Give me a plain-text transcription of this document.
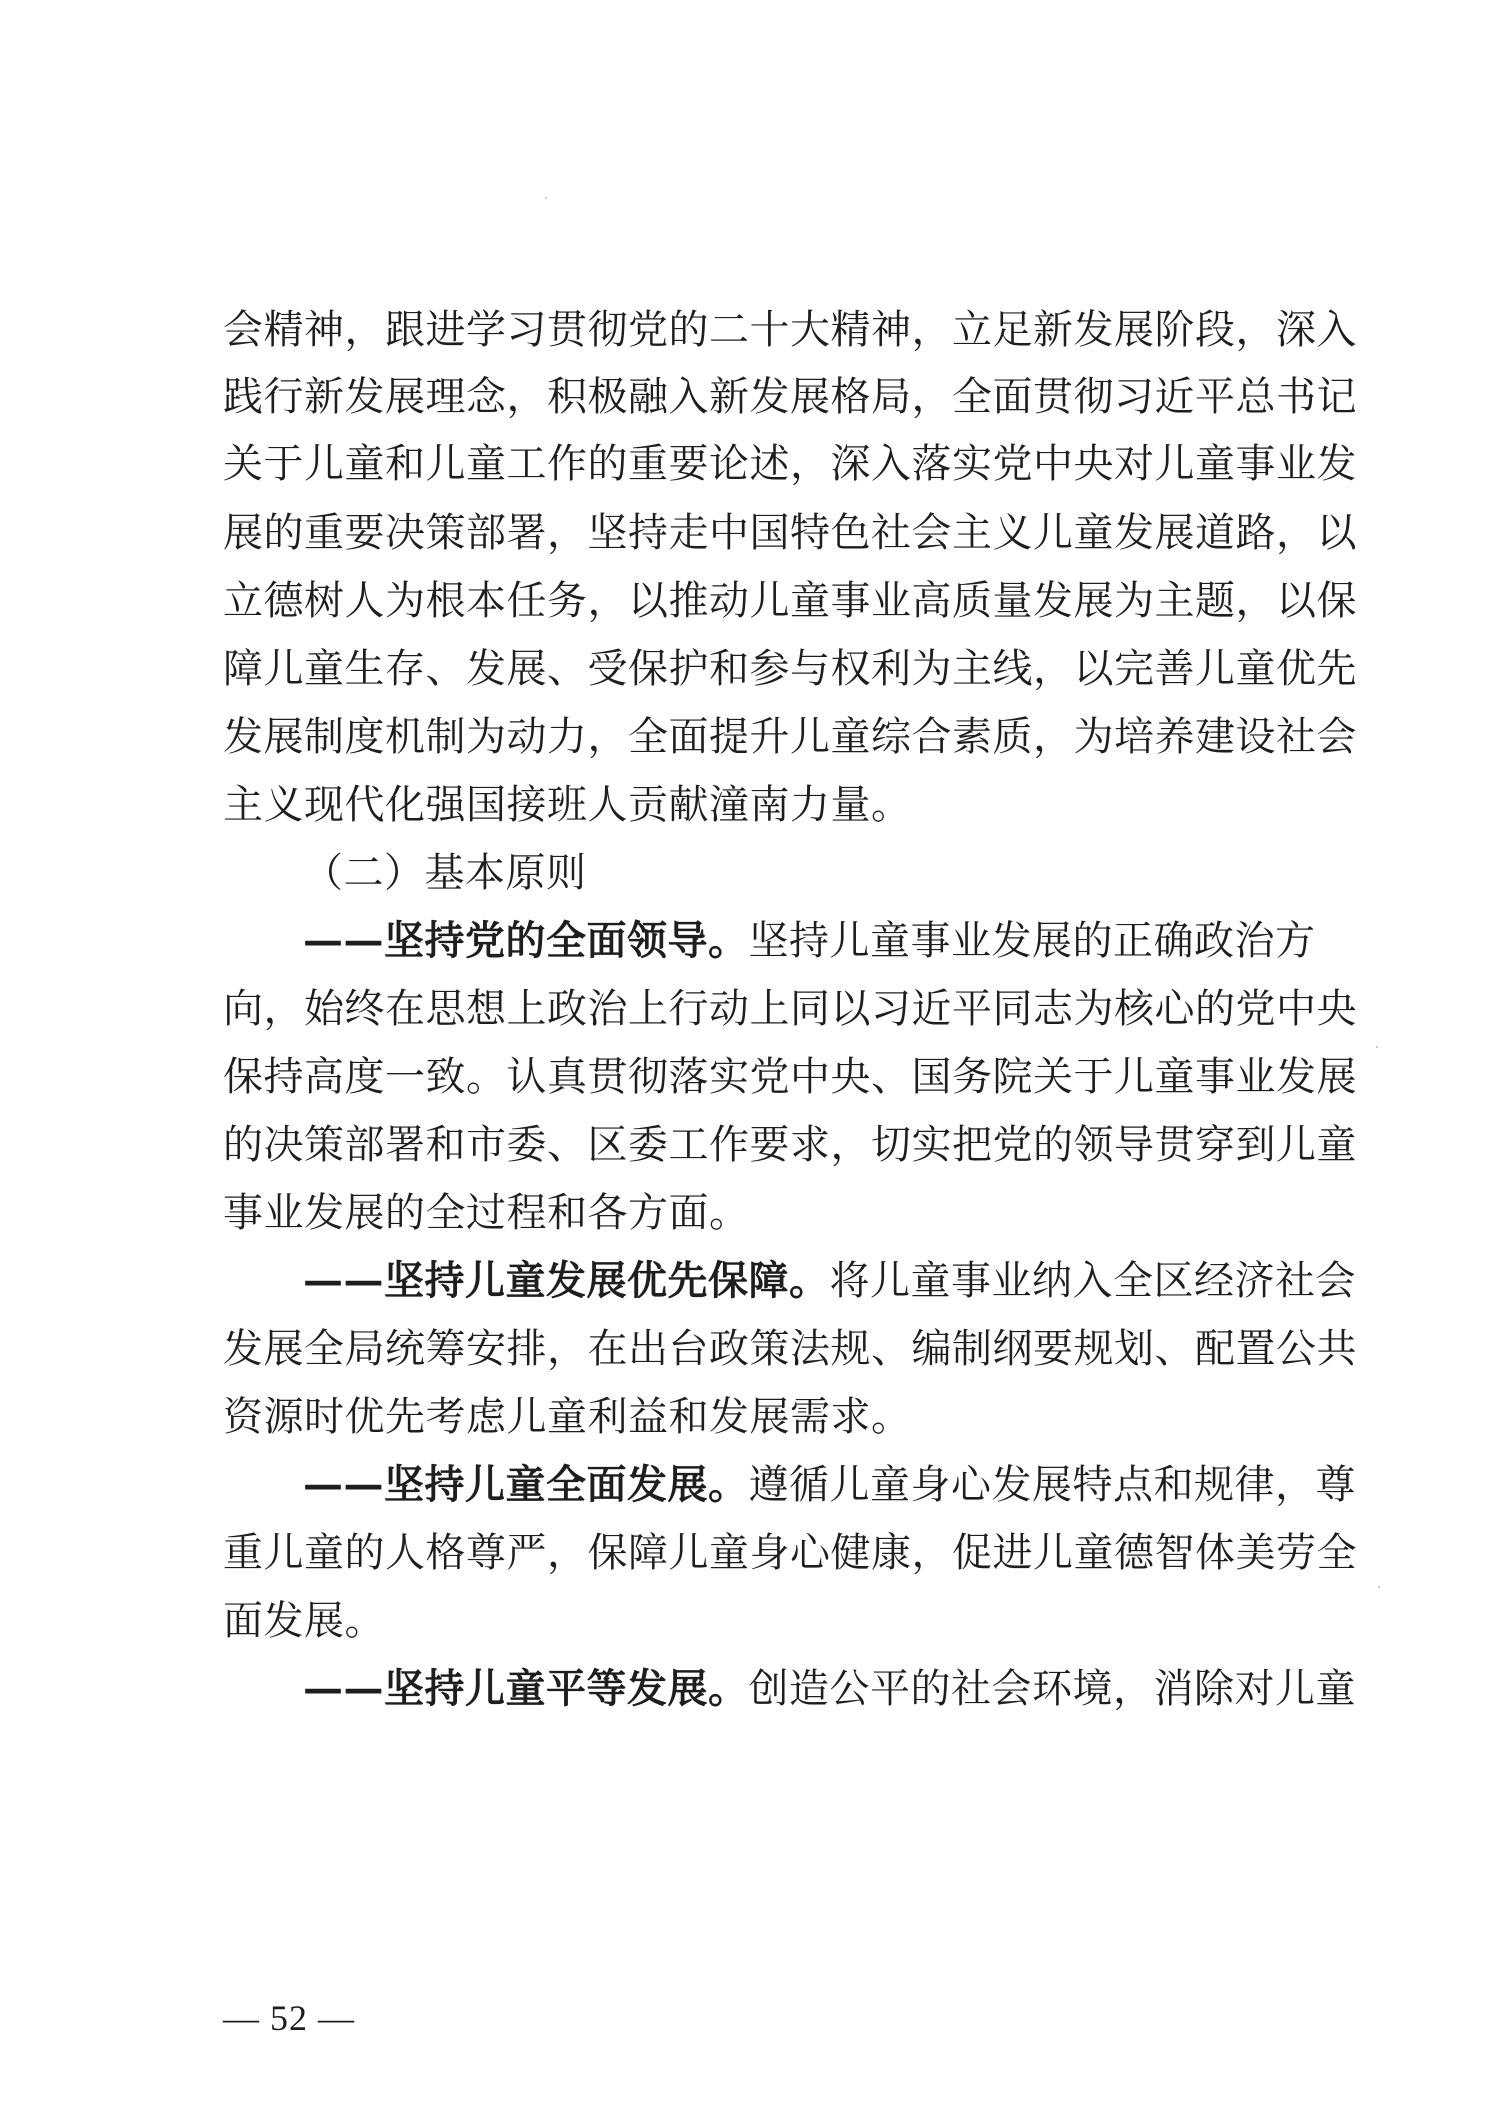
会精神，跟进学习贯彻党的二十大精神，立足新发展阶段，深入
践行新发展理念，积极融入新发展格局，全面贯彻习近平总书记
关于儿童和儿童工作的重要论述，深入落实党中央对儿童事业发
展的重要决策部署，坚持走中国特色社会主义儿童发展道路，以
立德树人为根本任务，以推动儿童事业高质量发展为主题，以保
障儿童生存、发展、受保护和参与权利为主线，以完善儿童优先
发展制度机制为动力，全面提升儿童综合素质，为培养建设社会
主义现代化强国接班人贡献潼南力量。
（二）基本原则
——坚持党的全面领导。坚持儿童事业发展的正确政治方
向，始终在思想上政治上行动上同以习近平同志为核心的党中央
保持高度一致。认真贯彻落实党中央、国务院关于儿童事业发展
的决策部署和市委、区委工作要求，切实把党的领导贯穿到儿童
事业发展的全过程和各方面。
——坚持儿童发展优先保障。将儿童事业纳入全区经济社会
发展全局统筹安排，在出台政策法规、编制纲要规划、配置公共
资源时优先考虑儿童利益和发展需求。
——坚持儿童全面发展。遵循儿童身心发展特点和规律，尊
重儿童的人格尊严，保障儿童身心健康，促进儿童德智体美劳全
面发展。
——坚持儿童平等发展。创造公平的社会环境，消除对儿童
— 52 —
